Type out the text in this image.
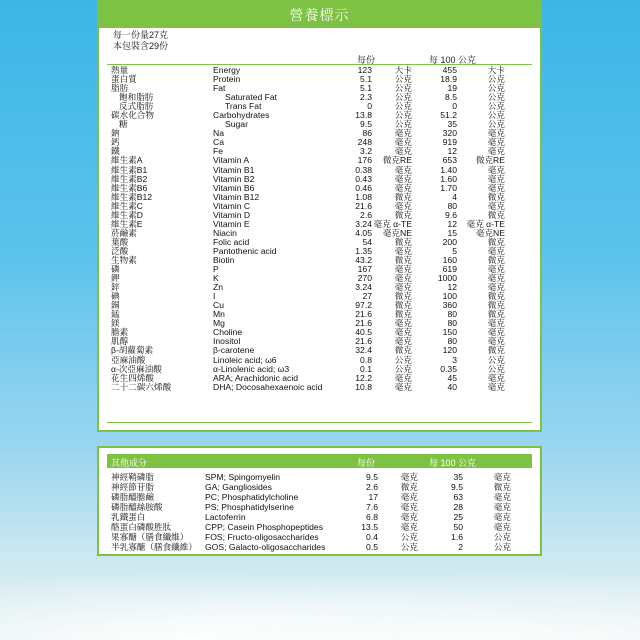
營養標示
每一份量27克
本包裝含29份
每份	每 100 公克
熱量	Energy	123	大卡	455	大卡
蛋白質	Protein	5.1	公克	18.9	公克
脂肪	Fat	5.1	公克	19	公克
飽和脂肪	Saturated Fat	2.3	公克	8.5	公克
反式脂肪	Trans Fat	0	公克	0	公克
碳水化合物	Carbohydrates	13.8	公克	51.2	公克
糖	Sugar	9.5	公克	35	公克
鈉	Na	86	毫克	320	毫克
鈣	Ca	248	毫克	919	毫克
鐵	Fe	3.2	毫克	12	毫克
維生素A	Vitamin A	176	微克RE	653	微克RE
維生素B1	Vitamin B1	0.38	毫克	1.40	毫克
維生素B2	Vitamin B2	0.43	毫克	1.60	毫克
維生素B6	Vitamin B6	0.46	毫克	1.70	毫克
維生素B12	Vitamin B12	1.08	微克	4	微克
維生素C	Vitamin C	21.6	毫克	80	毫克
維生素D	Vitamin D	2.6	微克	9.6	微克
維生素E	Vitamin E	3.24	毫克 α-TE	12	毫克 α-TE
菸鹼素	Niacin	4.05	毫克NE	15	毫克NE
葉酸	Folic acid	54	微克	200	微克
泛酸	Pantothenic acid	1.35	毫克	5	毫克
生物素	Biotin	43.2	微克	160	微克
磷	P	167	毫克	619	毫克
鉀	K	270	毫克	1000	毫克
鋅	Zn	3.24	毫克	12	毫克
碘	I	27	微克	100	微克
銅	Cu	97.2	微克	360	微克
錳	Mn	21.6	微克	80	微克
鎂	Mg	21.6	毫克	80	毫克
膽素	Choline	40.5	毫克	150	毫克
肌醇	Inositol	21.6	毫克	80	毫克
β-胡蘿蔔素	β-carotene	32.4	微克	120	微克
亞麻油酸	Linoleic acid; ω6	0.8	公克	3	公克
α-次亞麻油酸	α-Linolenic acid; ω3	0.1	公克	0.35	公克
花生四烯酸	ARA; Arachidonic acid	12.2	毫克	45	毫克
二十二碳六烯酸	DHA; Docosahexaenoic acid	10.8	毫克	40	毫克
其他成分	每份	每 100 公克
神經鞘磷脂	SPM; Spingomyelin	9.5	毫克	35	毫克
神經節苷脂	GA; Gangliosides	2.6	微克	9.5	微克
磷脂醯膽鹼	PC; Phosphatidylcholine	17	毫克	63	毫克
磷脂醯絲胺酸	PS; Phosphatidylserine	7.6	毫克	28	毫克
乳鐵蛋白	Lactoferrin	6.8	毫克	25	毫克
酪蛋白磷酸胜肽	CPP; Casein Phosphopeptides	13.5	毫克	50	毫克
果寡醣（膳食纖維）	FOS; Fructo-oligosaccharides	0.4	公克	1.6	公克
半乳寡醣（膳食纖維）	GOS; Galacto-oligosaccharides	0.5	公克	2	公克
